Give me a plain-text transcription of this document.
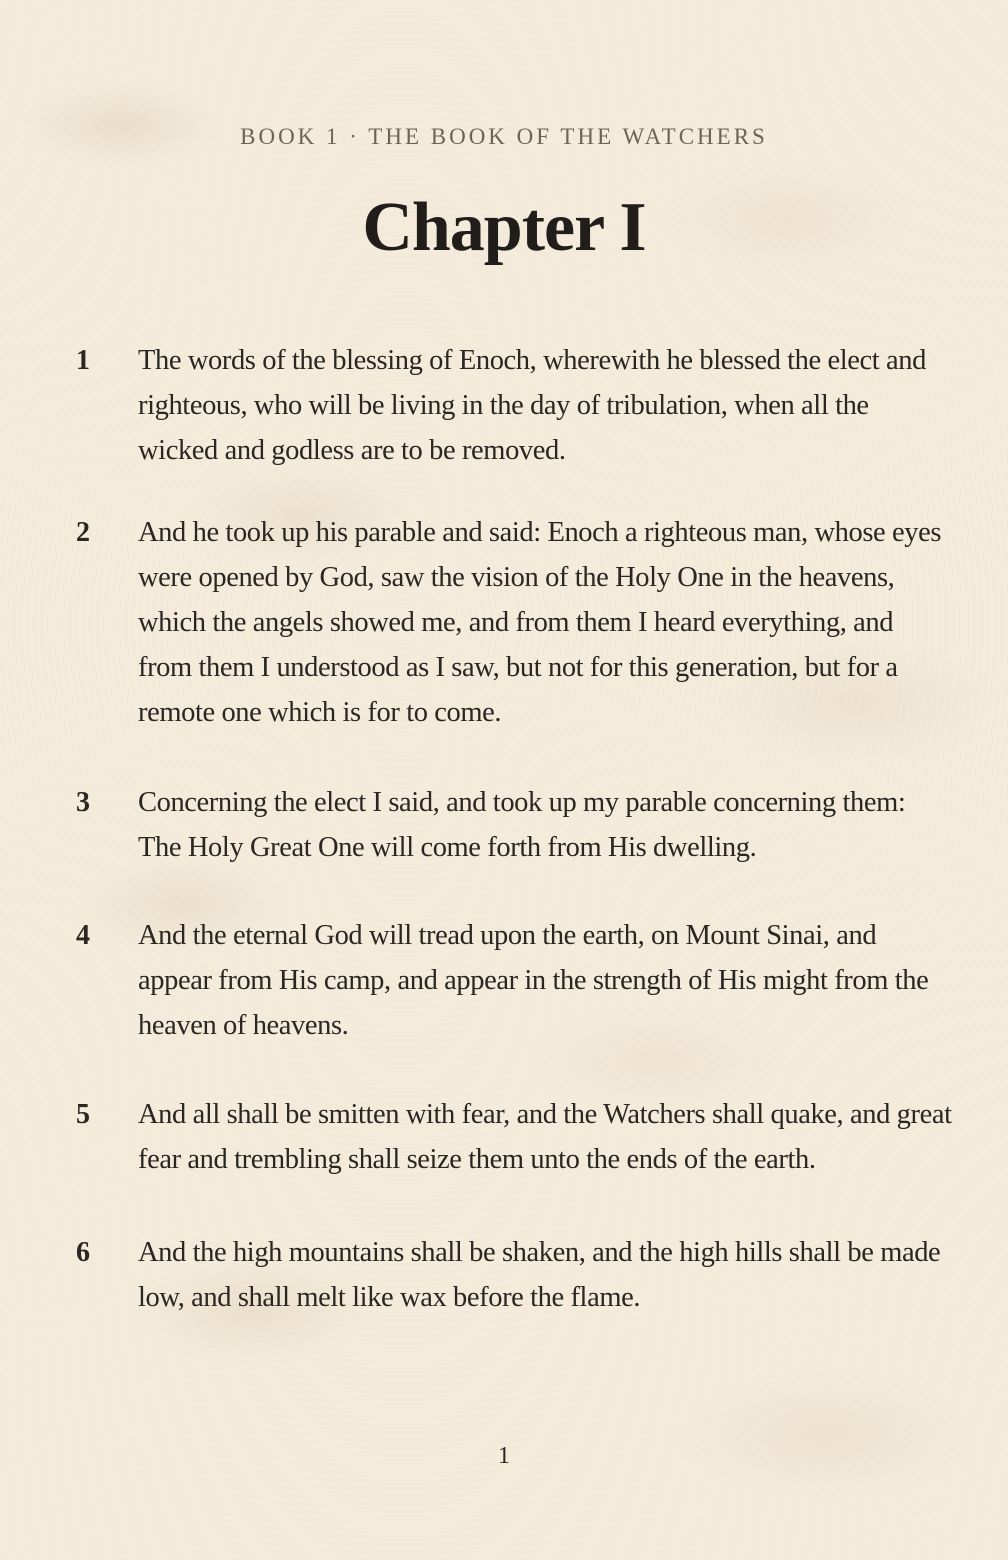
BOOK 1 · THE BOOK OF THE WATCHERS
Chapter I
1	The words of the blessing of Enoch, wherewith he blessed the elect and righteous, who will be living in the day of tribulation, when all the wicked and godless are to be removed.
2	And he took up his parable and said: Enoch a righteous man, whose eyes were opened by God, saw the vision of the Holy One in the heavens, which the angels showed me, and from them I heard everything, and from them I understood as I saw, but not for this generation, but for a remote one which is for to come.
3	Concerning the elect I said, and took up my parable concerning them: The Holy Great One will come forth from His dwelling.
4	And the eternal God will tread upon the earth, on Mount Sinai, and appear from His camp, and appear in the strength of His might from the heaven of heavens.
5	And all shall be smitten with fear, and the Watchers shall quake, and great fear and trembling shall seize them unto the ends of the earth.
6	And the high mountains shall be shaken, and the high hills shall be made low, and shall melt like wax before the flame.
1
